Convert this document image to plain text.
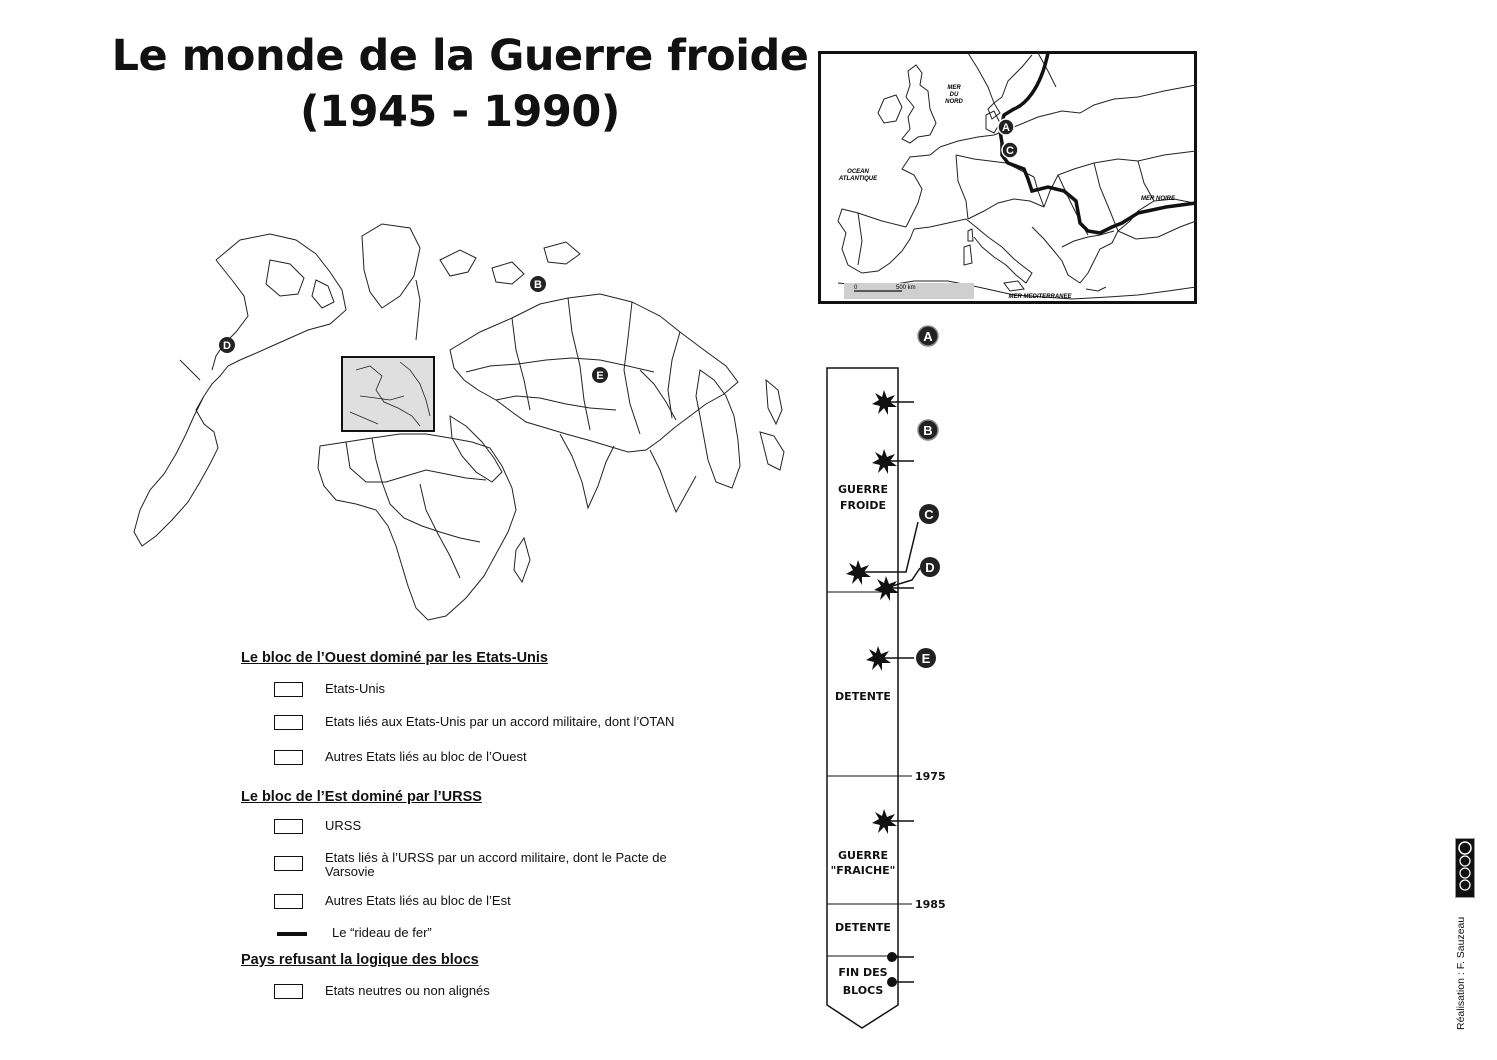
Le monde de la Guerre froide
(1945 - 1990)
0	500 km
MER
DU
NORD
OCEAN
ATLANTIQUE
MER NOIRE
MER MEDITERRANEE
A
C
D
B
E
A
B
C
D
E
GUERRE
FROIDE
DETENTE
GUERRE
"FRAICHE"
DETENTE
FIN DES
BLOCS
1975
1985
Le bloc de l’Ouest dominé par les Etats-Unis
Etats-Unis
Etats liés aux Etats-Unis par un accord militaire, dont l’OTAN
Autres Etats liés au bloc de l’Ouest
Le bloc de l’Est dominé par l’URSS
URSS
Etats liés à l’URSS par un accord militaire, dont le Pacte de Varsovie
Autres Etats liés au bloc de l’Est
Le “rideau de fer”
Pays refusant la logique des blocs
Etats neutres ou non alignés	Réalisation : F. Sauzeau
